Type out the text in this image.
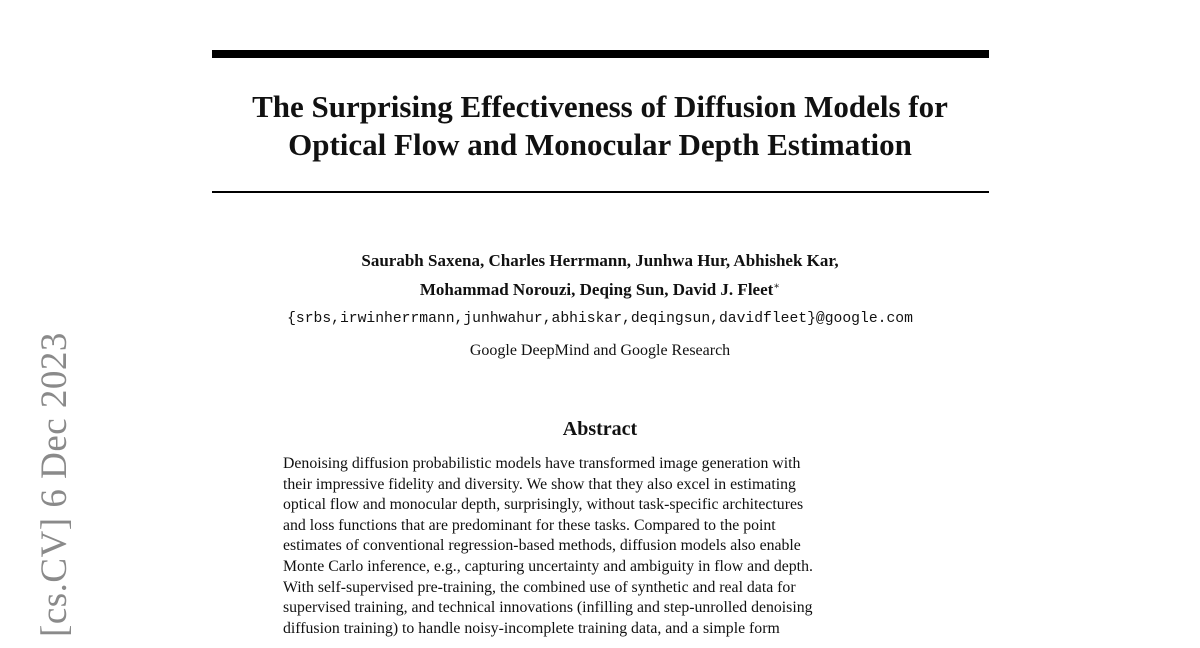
[cs.CV] 6 Dec 2023
The Surprising Effectiveness of Diffusion Models for
Optical Flow and Monocular Depth Estimation
Saurabh Saxena, Charles Herrmann, Junhwa Hur, Abhishek Kar,
Mohammad Norouzi, Deqing Sun, David J. Fleet∗
{srbs,irwinherrmann,junhwahur,abhiskar,deqingsun,davidfleet}@google.com
Google DeepMind and Google Research
Abstract
Denoising diffusion probabilistic models have transformed image generation with
their impressive fidelity and diversity. We show that they also excel in estimating
optical flow and monocular depth, surprisingly, without task-specific architectures
and loss functions that are predominant for these tasks. Compared to the point
estimates of conventional regression-based methods, diffusion models also enable
Monte Carlo inference, e.g., capturing uncertainty and ambiguity in flow and depth.
With self-supervised pre-training, the combined use of synthetic and real data for
supervised training, and technical innovations (infilling and step-unrolled denoising
diffusion training) to handle noisy-incomplete training data, and a simple form
